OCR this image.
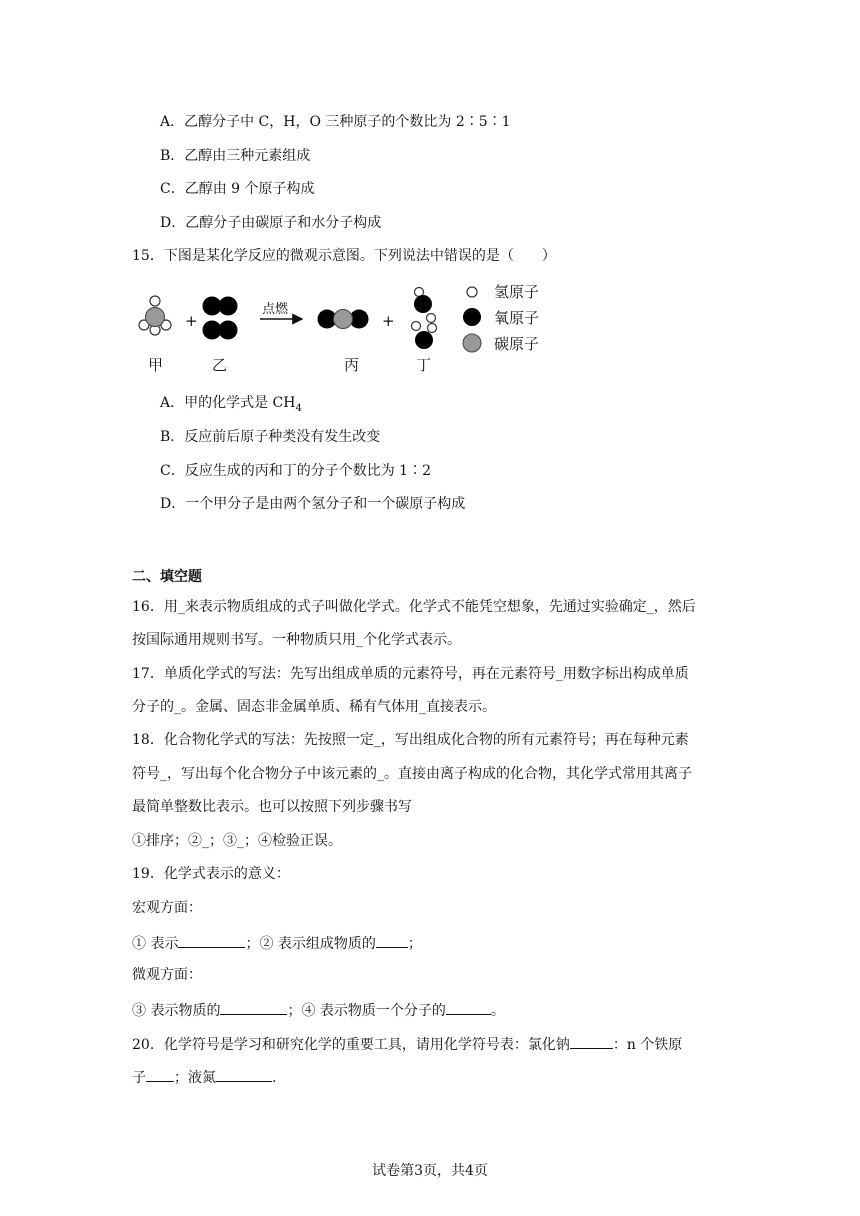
A．乙醇分子中 C，H，O 三种原子的个数比为 2∶5∶1
B．乙醇由三种元素组成
C．乙醇由 9 个原子构成
D．乙醇分子由碳原子和水分子构成
15．下图是某化学反应的微观示意图。下列说法中错误的是（　　）
+
点燃
+
甲	乙	丙	丁
氢原子
氧原子
碳原子
A．甲的化学式是 $CH_4$
B．反应前后原子种类没有发生改变
C．反应生成的丙和丁的分子个数比为 1∶2
D．一个甲分子是由两个氢分子和一个碳原子构成
二、填空题
16．用_来表示物质组成的式子叫做化学式。化学式不能凭空想象，先通过实验确定_，然后
按国际通用规则书写。一种物质只用_个化学式表示。
17．单质化学式的写法：先写出组成单质的元素符号，再在元素符号_用数字标出构成单质
分子的_。金属、固态非金属单质、稀有气体用_直接表示。
18．化合物化学式的写法：先按照一定_，写出组成化合物的所有元素符号；再在每种元素
符号_，写出每个化合物分子中该元素的_。直接由离子构成的化合物，其化学式常用其离子
最简单整数比表示。也可以按照下列步骤书写
①排序；②_；③_；④检验正误。
19．化学式表示的意义：
宏观方面：
① 表示	；② 表示组成物质的 ；
微观方面：
③ 表示物质的	；④ 表示物质一个分子的	。
20．化学符号是学习和研究化学的重要工具，请用化学符号表：氯化钠	：n 个铁原
子 ；液氮	.
试卷第3页，共4页
